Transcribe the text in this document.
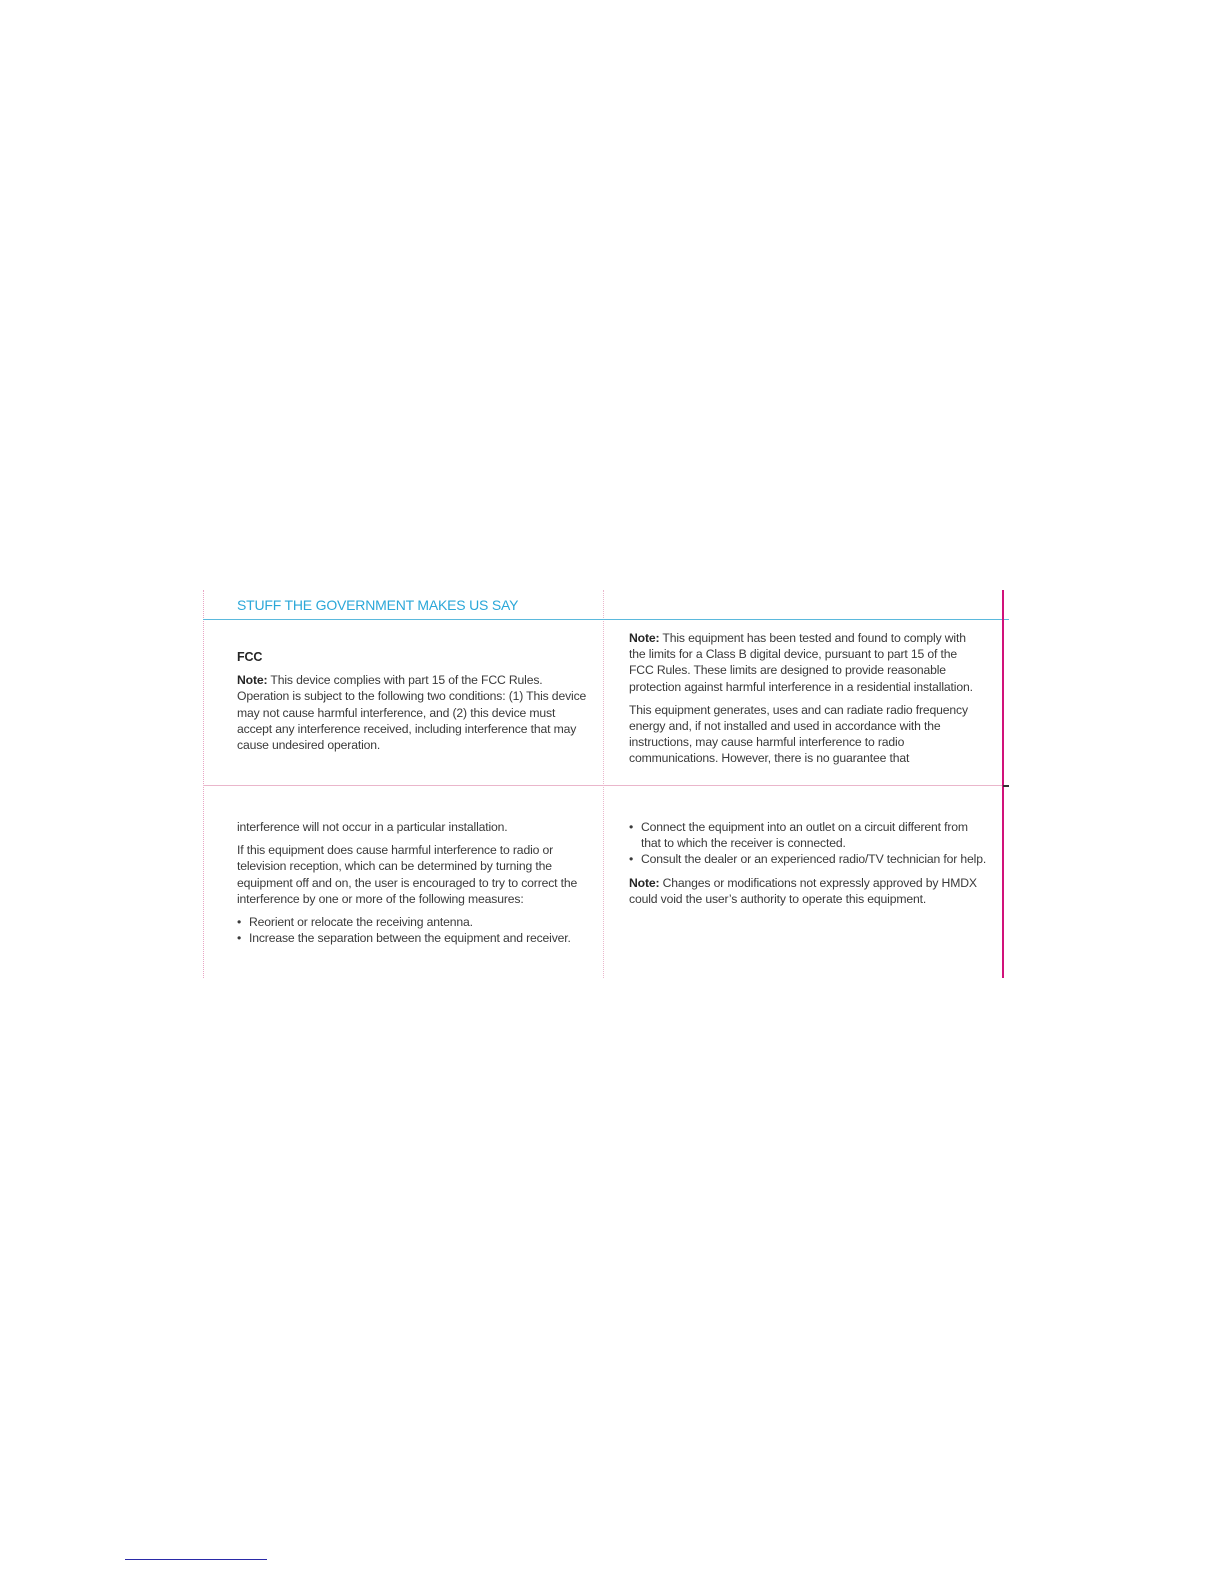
STUFF THE GOVERNMENT MAKES US SAY

FCC

Note: This device complies with part 15 of the FCC Rules. Operation is subject to the following two conditions: (1) This device may not cause harmful interference, and (2) this device must accept any interference received, including interference that may cause undesired operation.

Note: This equipment has been tested and found to comply with the limits for a Class B digital device, pursuant to part 15 of the FCC Rules. These limits are designed to provide reasonable protection against harmful interference in a residential installation.

This equipment generates, uses and can radiate radio frequency energy and, if not installed and used in accordance with the instructions, may cause harmful interference to radio communications. However, there is no guarantee that

interference will not occur in a particular installation.

If this equipment does cause harmful interference to radio or television reception, which can be determined by turning the equipment off and on, the user is encouraged to try to correct the interference by one or more of the following measures:

• Reorient or relocate the receiving antenna.
• Increase the separation between the equipment and receiver.
• Connect the equipment into an outlet on a circuit different from that to which the receiver is connected.
• Consult the dealer or an experienced radio/TV technician for help.

Note: Changes or modifications not expressly approved by HMDX could void the user’s authority to operate this equipment.
